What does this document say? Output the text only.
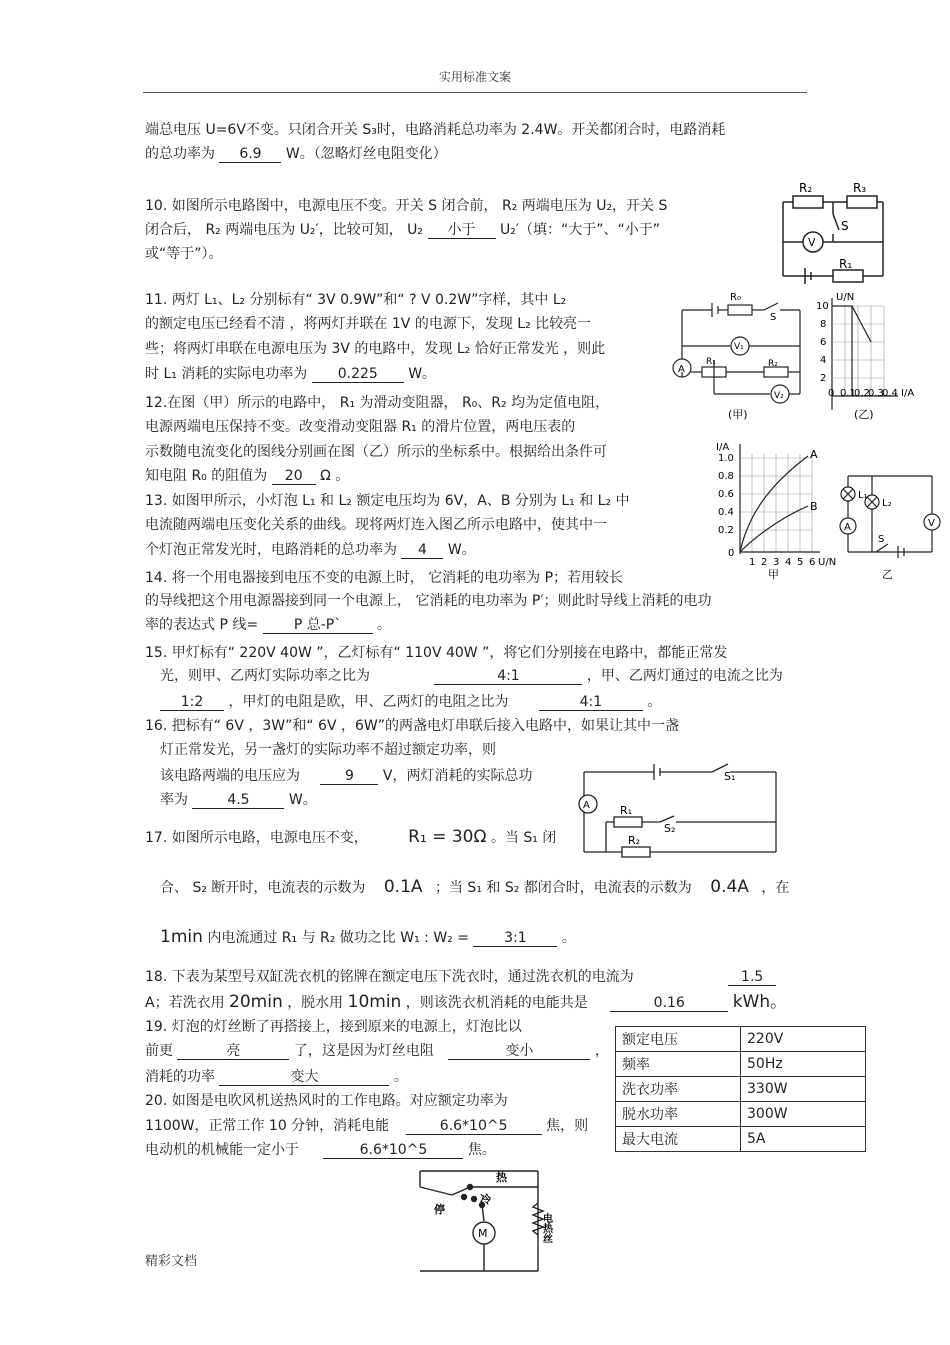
实用标准文案
端总电压 U=6V不变。只闭合开关 S₃时，电路消耗总功率为 2.4W。开关都闭合时，电路消耗
的总功率为 6.9 W。（忽略灯丝电阻变化）
10. 如图所示电路图中，电源电压不变。开关 S 闭合前， R₂ 两端电压为 U₂，开关 S
闭合后， R₂ 两端电压为 U₂′，比较可知， U₂ 小于 U₂′（填：“大于”、“小于”
或“等于”）。
R₂	R₃
S
V
R₁
11. 两灯 L₁、L₂ 分别标有“ 3V 0.9W”和“ ? V 0.2W”字样，其中 L₂
的额定电压已经看不清 ，将两灯并联在 1V 的电源下，发现 L₂ 比较亮一
些；将两灯串联在电源电压为 3V 的电路中，发现 L₂ 恰好正常发光 ，则此
时 L₁ 消耗的实际电功率为 0.225 W。
12.在图（甲）所示的电路中， R₁ 为滑动变阻器， R₀、R₂ 均为定值电阻，
电源两端电压保持不变。改变滑动变阻器 R₁ 的滑片位置，两电压表的
示数随电流变化的图线分别画在图（乙）所示的坐标系中。根据给出条件可
知电阻 R₀ 的阻值为 20 Ω 。
R₀
S
V₁
A
R₁	R₂
V₂
(甲)
U/N
10
8
6
4
2
0 0.1
0.2
0.3
0.4 I/A
(乙)
13. 如图甲所示，小灯泡 L₁ 和 L₂ 额定电压均为 6V，A、B 分别为 L₁ 和 L₂ 中
电流随两端电压变化关系的曲线。现将两灯连入图乙所示电路中，使其中一
个灯泡正常发光时，电路消耗的总功率为 4 W。
I/A
1.0
0.8
0.6
0.4
0.2
0
1 2 3 4 5 6 U/N
A
B
甲
L₁
L₂
A	V
S
乙
14. 将一个用电器接到电压不变的电源上时， 它消耗的电功率为 P；若用较长
的导线把这个用电源器接到同一个电源上， 它消耗的电功率为 P′；则此时导线上消耗的电功
率的表达式 P 线=	P 总-P`	。
15. 甲灯标有“ 220V 40W ”，乙灯标有“ 110V 40W ”，将它们分别接在电路中，都能正常发
光，则甲、乙两灯实际功率之比为	4:1	，甲、乙两灯通过的电流之比为
1:2 ，甲灯的电阻是欧，甲、乙两灯的电阻之比为	4:1	。
16. 把标有“ 6V ，3W”和“ 6V ，6W”的两盏电灯串联后接入电路中，如果让其中一盏
灯正常发光，另一盏灯的实际功率不超过额定功率，则
该电路两端的电压应为	9 V，两灯消耗的实际总功
率为	4.5	W。	A
S₁
R₁
S₂
R₂
17. 如图所示电路，电源电压不变， R₁ = 30Ω 。当 S₁ 闭
合、 S₂ 断开时，电流表的示数为 0.1A ；当 S₁ 和 S₂ 都闭合时，电流表的示数为 0.4A ，在
1min 内电流通过 R₁ 与 R₂ 做功之比 W₁ : W₂ =	3:1	。
18. 下表为某型号双缸洗衣机的铭牌在额定电压下洗衣时，通过洗衣机的电流为	1.5
A；若洗衣用 20min ，脱水用 10min ，则该洗衣机消耗的电能共是	0.16	kWh。
额定电压	220V
频率	50Hz
洗衣功率	330W
脱水功率	300W
最大电流	5A
19. 灯泡的灯丝断了再搭接上，接到原来的电源上，灯泡比以
前更	亮	了，这是因为灯丝电阻	变小	，
消耗的功率	变大	。
20. 如图是电吹风机送热风时的工作电路。对应额定功率为
1100W，正常工作 10 分钟，消耗电能	6.6*10^5	焦，则
电动机的机械能一定小于	6.6*10^5	焦。
热
冷
停
M	电热丝
精彩文档
